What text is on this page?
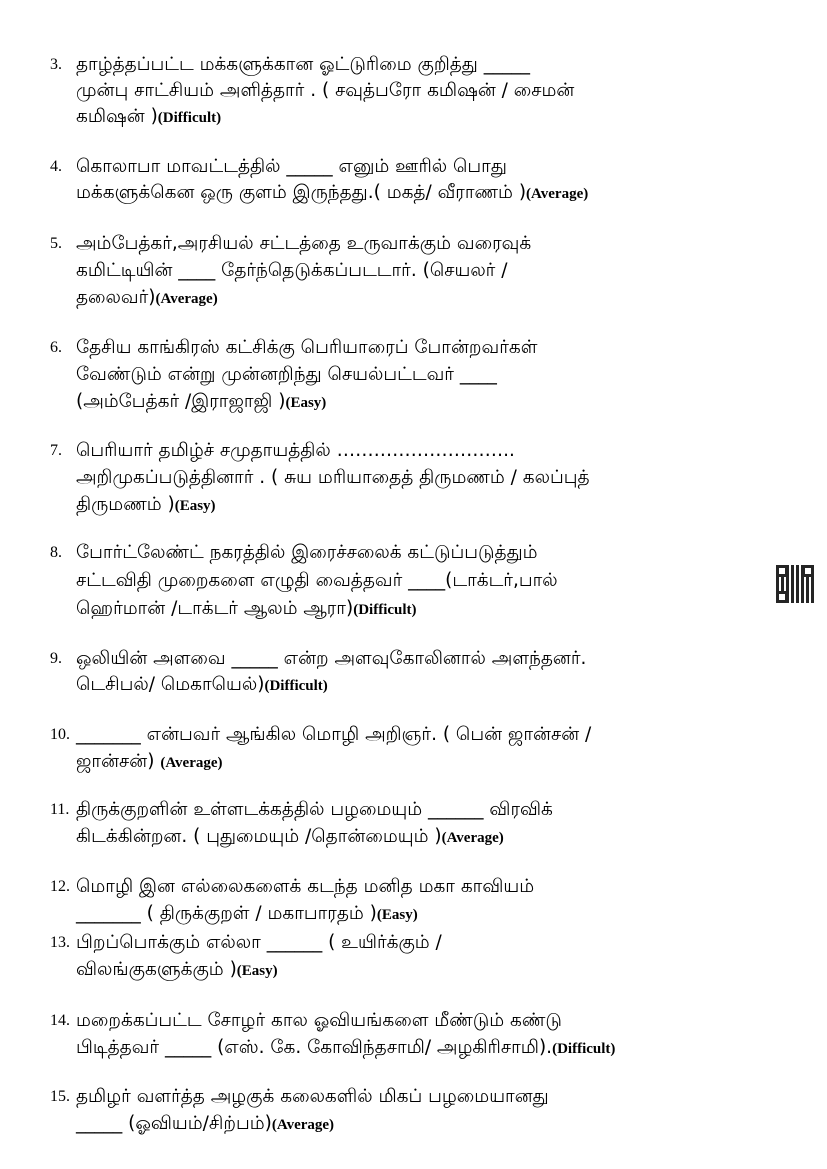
3. தாழ்த்தப்பட்ட மக்களுக்கான ஓட்டுரிமை குறித்து _____
முன்பு சாட்சியம் அளித்தார் . ( சவுத்பரோ கமிஷன் / சைமன்
கமிஷன் )(Difficult)
4. கொலாபா மாவட்டத்தில் _____ எனும் ஊரில் பொது
மக்களுக்கென ஒரு குளம் இருந்தது.( மகத்/ வீராணம் )(Average)
5. அம்பேத்கர்,அரசியல் சட்டத்தை உருவாக்கும் வரைவுக்
கமிட்டியின் ____ தேர்ந்தெடுக்கப்படடார். (செயலர் /
தலைவர்)(Average)
6. தேசிய காங்கிரஸ் கட்சிக்கு பெரியாரைப் போன்றவர்கள்
வேண்டும் என்று முன்னறிந்து செயல்பட்டவர் ____
(அம்பேத்கர் /இராஜாஜி )(Easy)
7. பெரியார் தமிழ்ச் சமுதாயத்தில் ………………………..
அறிமுகப்படுத்தினார் . ( சுய மரியாதைத் திருமணம் / கலப்புத்
திருமணம் )(Easy)
8. போர்ட்லேண்ட் நகரத்தில் இரைச்சலைக் கட்டுப்படுத்தும்
சட்டவிதி முறைகளை எழுதி வைத்தவர் ____(டாக்டர்,பால்
ஹெர்மான் /டாக்டர் ஆலம் ஆரா)(Difficult)
9. ஒலியின் அளவை _____ என்ற அளவுகோலினால் அளந்தனர்.
டெசிபல்/ மெகாயெல்)(Difficult)
10. _______ என்பவர் ஆங்கில மொழி அறிஞர். ( பென் ஜான்சன் /
ஜான்சன்) (Average)
11. திருக்குறளின் உள்ளடக்கத்தில் பழமையும் ______ விரவிக்
கிடக்கின்றன. ( புதுமையும் /தொன்மையும் )(Average)
12. மொழி இன எல்லைகளைக் கடந்த மனித மகா காவியம்
_______ ( திருக்குறள் / மகாபாரதம் )(Easy)
13. பிறப்பொக்கும் எல்லா ______ ( உயிர்க்கும் /
விலங்குகளுக்கும் )(Easy)
14. மறைக்கப்பட்ட சோழர் கால ஓவியங்களை மீண்டும் கண்டு
பிடித்தவர் _____ (எஸ். கே. கோவிந்தசாமி/ அழகிரிசாமி).(Difficult)
15. தமிழர் வளர்த்த அழகுக் கலைகளில் மிகப் பழமையானது
_____ (ஓவியம்/சிற்பம்)(Average)
